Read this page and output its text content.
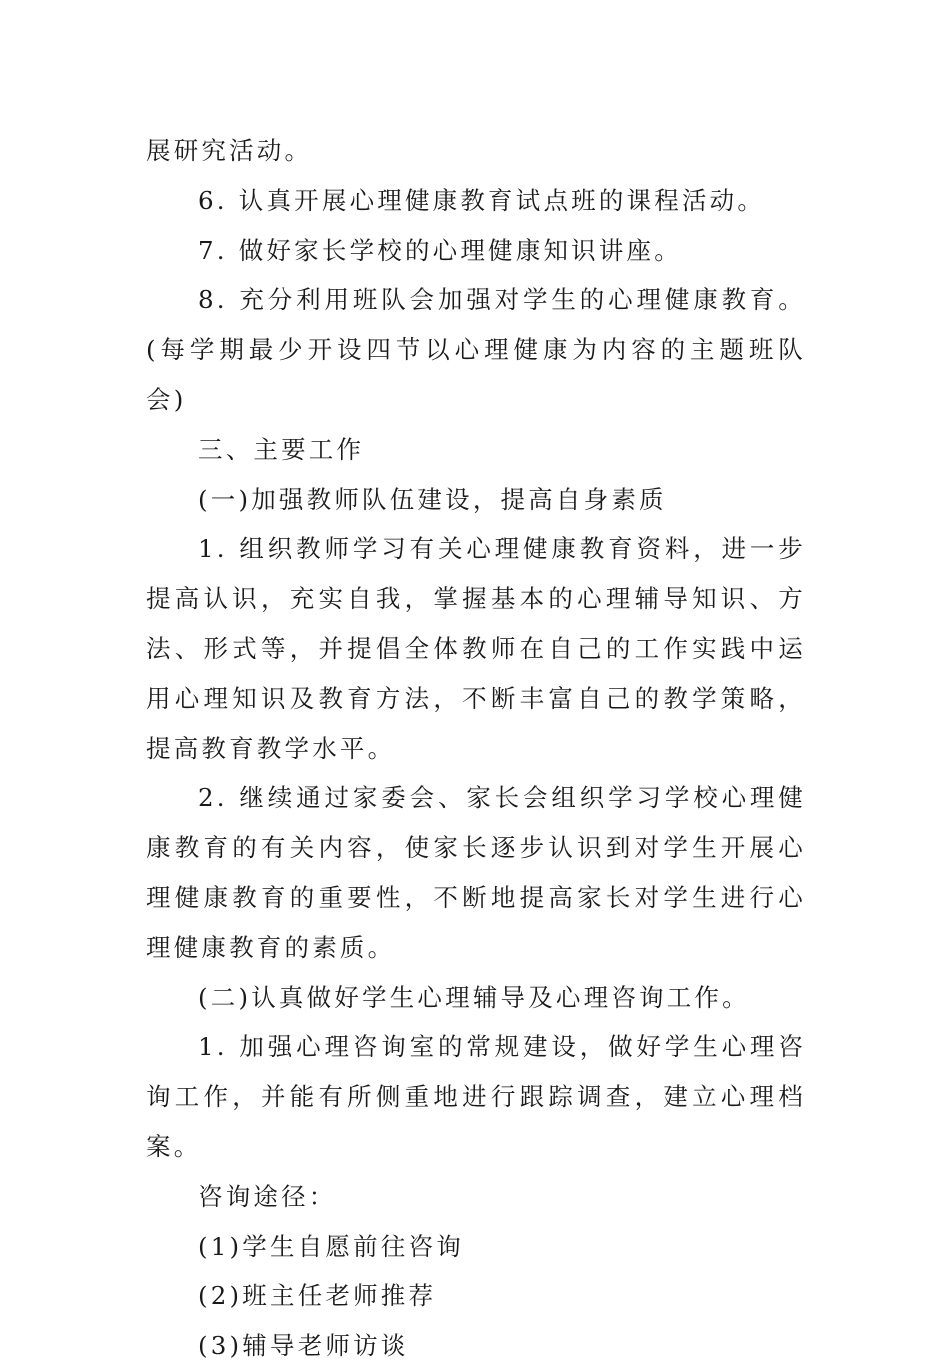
展研究活动。

6. 认真开展心理健康教育试点班的课程活动。

7. 做好家长学校的心理健康知识讲座。

8. 充分利用班队会加强对学生的心理健康教育。(每学期最少开设四节以心理健康为内容的主题班队会)

三、主要工作

(一)加强教师队伍建设，提高自身素质

1. 组织教师学习有关心理健康教育资料，进一步提高认识，充实自我，掌握基本的心理辅导知识、方法、形式等，并提倡全体教师在自己的工作实践中运用心理知识及教育方法，不断丰富自己的教学策略，提高教育教学水平。

2. 继续通过家委会、家长会组织学习学校心理健康教育的有关内容，使家长逐步认识到对学生开展心理健康教育的重要性，不断地提高家长对学生进行心理健康教育的素质。

(二)认真做好学生心理辅导及心理咨询工作。

1. 加强心理咨询室的常规建设，做好学生心理咨询工作，并能有所侧重地进行跟踪调查，建立心理档案。

咨询途径：

(1)学生自愿前往咨询

(2)班主任老师推荐

(3)辅导老师访谈
